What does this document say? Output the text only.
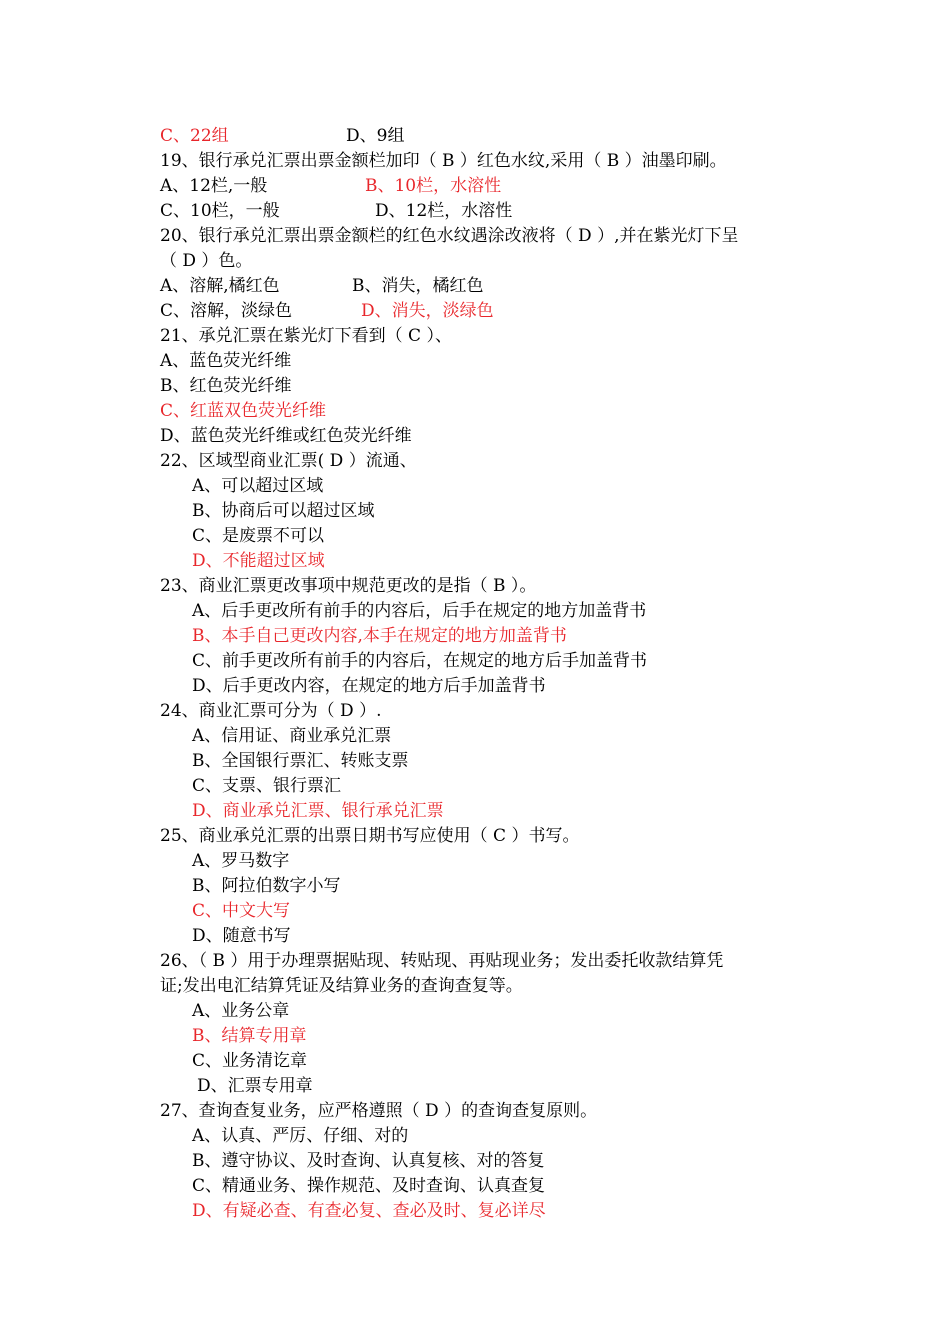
C、22组	D、9组
19、银行承兑汇票出票金额栏加印（ B ）红色水纹,采用（ B ）油墨印刷。
A、12栏,一般	B、10栏，水溶性
C、10栏，一般	D、12栏，水溶性
20、银行承兑汇票出票金额栏的红色水纹遇涂改液将（ D ）,并在紫光灯下呈
（ D ）色。
A、溶解,橘红色	B、消失，橘红色
C、溶解，淡绿色	D、消失，淡绿色
21、承兑汇票在紫光灯下看到（ C ）、
A、蓝色荧光纤维
B、红色荧光纤维
C、红蓝双色荧光纤维
D、蓝色荧光纤维或红色荧光纤维
22、区域型商业汇票( D ）流通、
A、可以超过区域
B、协商后可以超过区域
C、是废票不可以
D、不能超过区域
23、商业汇票更改事项中规范更改的是指（ B ）。
A、后手更改所有前手的内容后，后手在规定的地方加盖背书
B、本手自己更改内容,本手在规定的地方加盖背书
C、前手更改所有前手的内容后，在规定的地方后手加盖背书
D、后手更改内容，在规定的地方后手加盖背书
24、商业汇票可分为（ D ）.
A、信用证、商业承兑汇票
B、全国银行票汇、转账支票
C、支票、银行票汇
D、商业承兑汇票、银行承兑汇票
25、商业承兑汇票的出票日期书写应使用（ C ）书写。
A、罗马数字
B、阿拉伯数字小写
C、中文大写
D、随意书写
26、（ B ）用于办理票据贴现、转贴现、再贴现业务；发出委托收款结算凭
证;发出电汇结算凭证及结算业务的查询查复等。
A、业务公章
B、结算专用章
C、业务清讫章
D、汇票专用章
27、查询查复业务，应严格遵照（ D ）的查询查复原则。
A、认真、严厉、仔细、对的
B、遵守协议、及时查询、认真复核、对的答复
C、精通业务、操作规范、及时查询、认真查复
D、有疑必查、有查必复、查必及时、复必详尽
